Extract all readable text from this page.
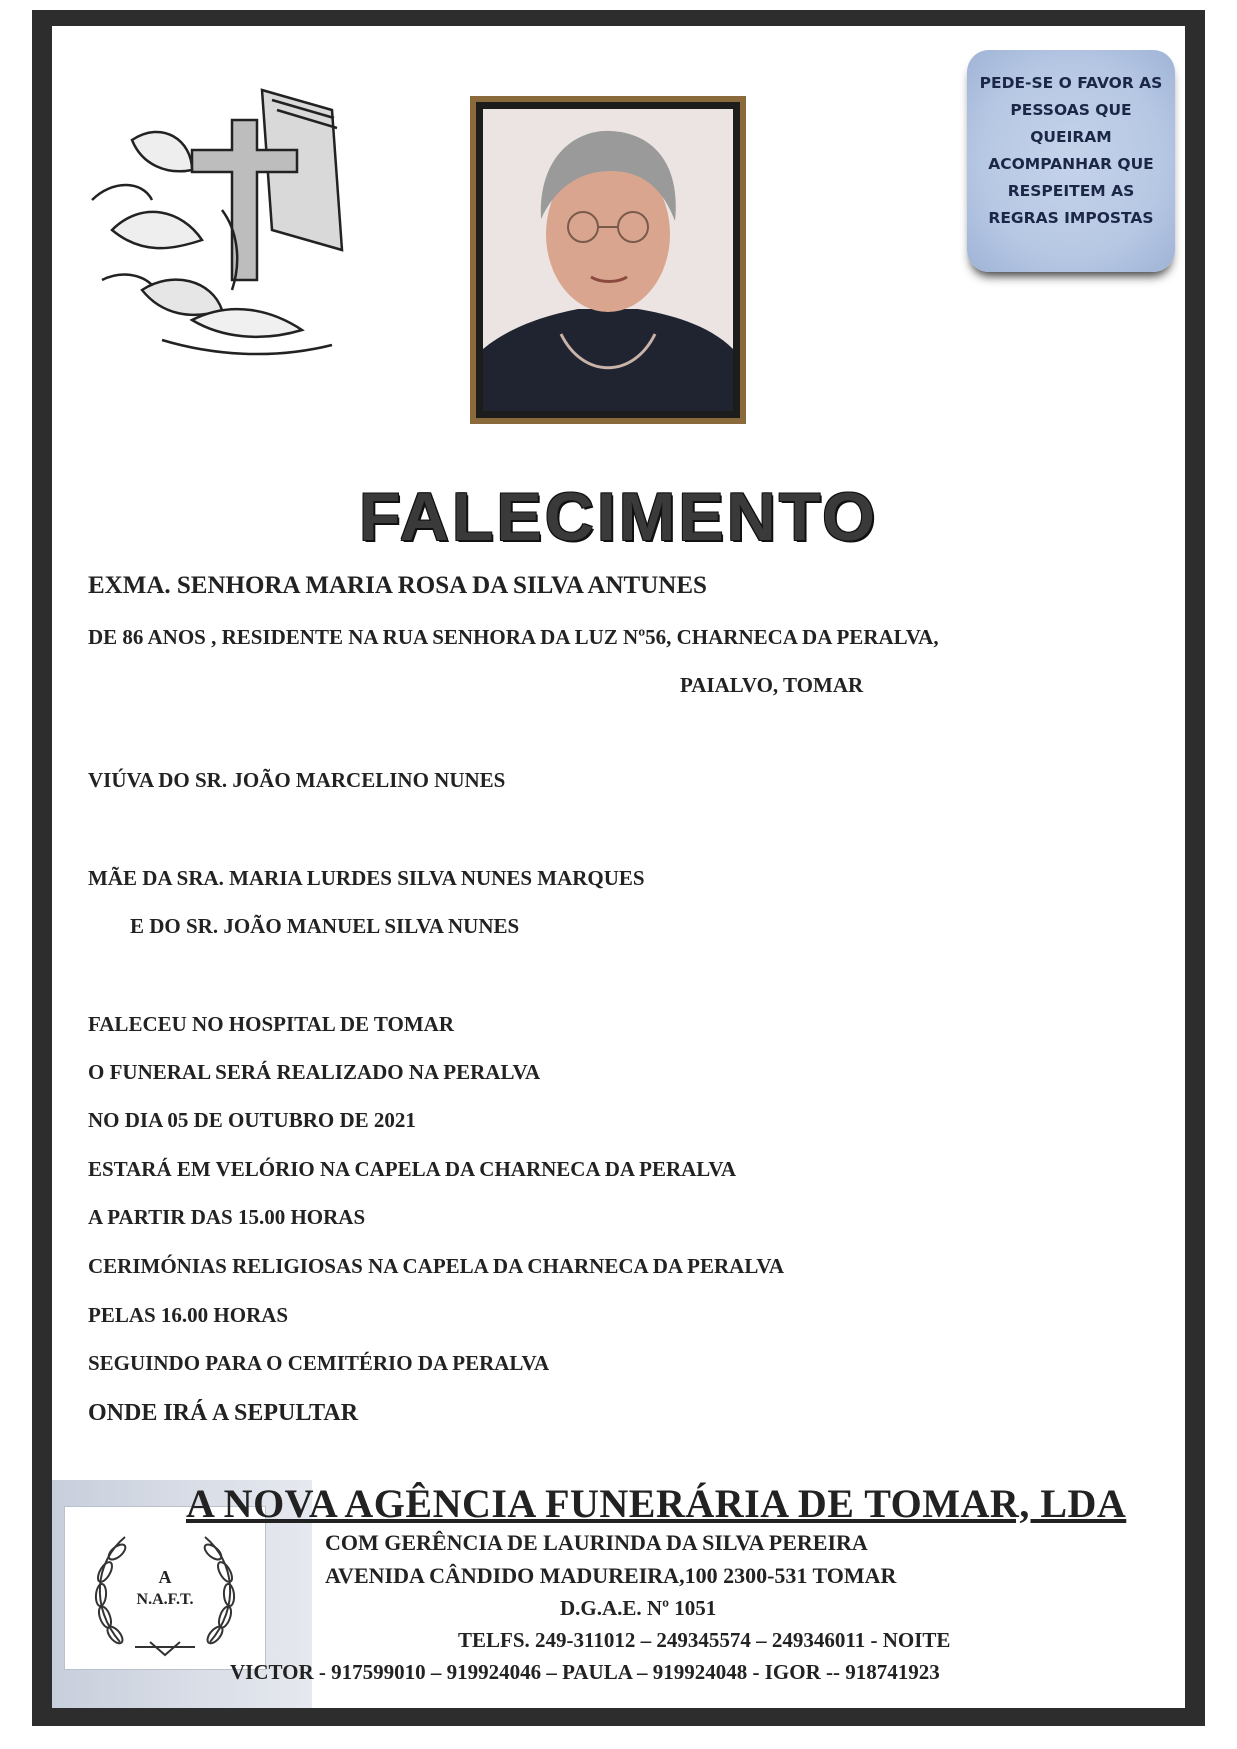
PEDE-SE O FAVOR AS
PESSOAS QUE
QUEIRAM
ACOMPANHAR QUE
RESPEITEM AS
REGRAS IMPOSTAS
FALECIMENTO
EXMA. SENHORA MARIA ROSA DA SILVA ANTUNES
DE 86 ANOS , RESIDENTE NA RUA SENHORA DA LUZ Nº56, CHARNECA DA PERALVA,
PAIALVO, TOMAR
VIÚVA DO SR. JOÃO MARCELINO NUNES
MÃE DA SRA. MARIA LURDES SILVA NUNES MARQUES
E DO SR. JOÃO MANUEL SILVA NUNES
FALECEU NO HOSPITAL DE TOMAR
O FUNERAL SERÁ REALIZADO NA PERALVA
NO DIA 05 DE OUTUBRO DE 2021
ESTARÁ EM VELÓRIO NA CAPELA DA CHARNECA DA PERALVA
A PARTIR DAS 15.00 HORAS
CERIMÓNIAS RELIGIOSAS NA CAPELA DA CHARNECA DA PERALVA
PELAS 16.00 HORAS
SEGUINDO PARA O CEMITÉRIO DA PERALVA
ONDE IRÁ A SEPULTAR
A
N.A.F.T.
A NOVA AGÊNCIA FUNERÁRIA DE TOMAR, LDA
COM GERÊNCIA DE LAURINDA DA SILVA PEREIRA
AVENIDA CÂNDIDO MADUREIRA,100 2300-531 TOMAR
D.G.A.E. Nº 1051
TELFS. 249-311012 – 249345574 – 249346011 - NOITE
VICTOR - 917599010 – 919924046 – PAULA – 919924048 - IGOR -- 918741923
